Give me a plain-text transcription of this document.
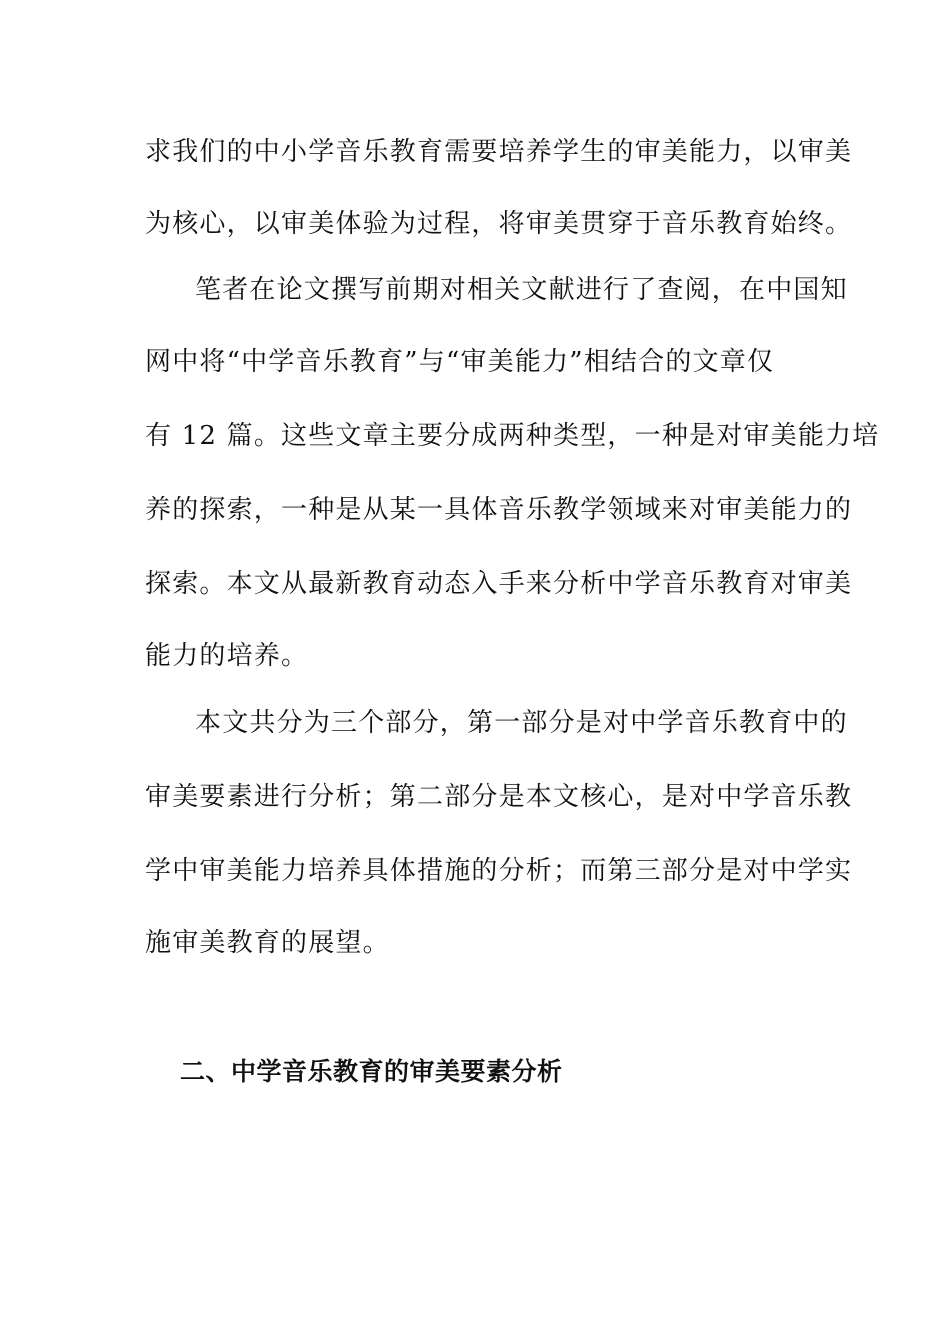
求我们的中小学音乐教育需要培养学生的审美能力，以审美
为核心，以审美体验为过程，将审美贯穿于音乐教育始终。
笔者在论文撰写前期对相关文献进行了查阅，在中国知
网中将“中学音乐教育”与“审美能力”相结合的文章仅
有 12 篇。这些文章主要分成两种类型，一种是对审美能力培
养的探索，一种是从某一具体音乐教学领域来对审美能力的
探索。本文从最新教育动态入手来分析中学音乐教育对审美
能力的培养。
本文共分为三个部分，第一部分是对中学音乐教育中的
审美要素进行分析；第二部分是本文核心，是对中学音乐教
学中审美能力培养具体措施的分析；而第三部分是对中学实
施审美教育的展望。
二、中学音乐教育的审美要素分析
